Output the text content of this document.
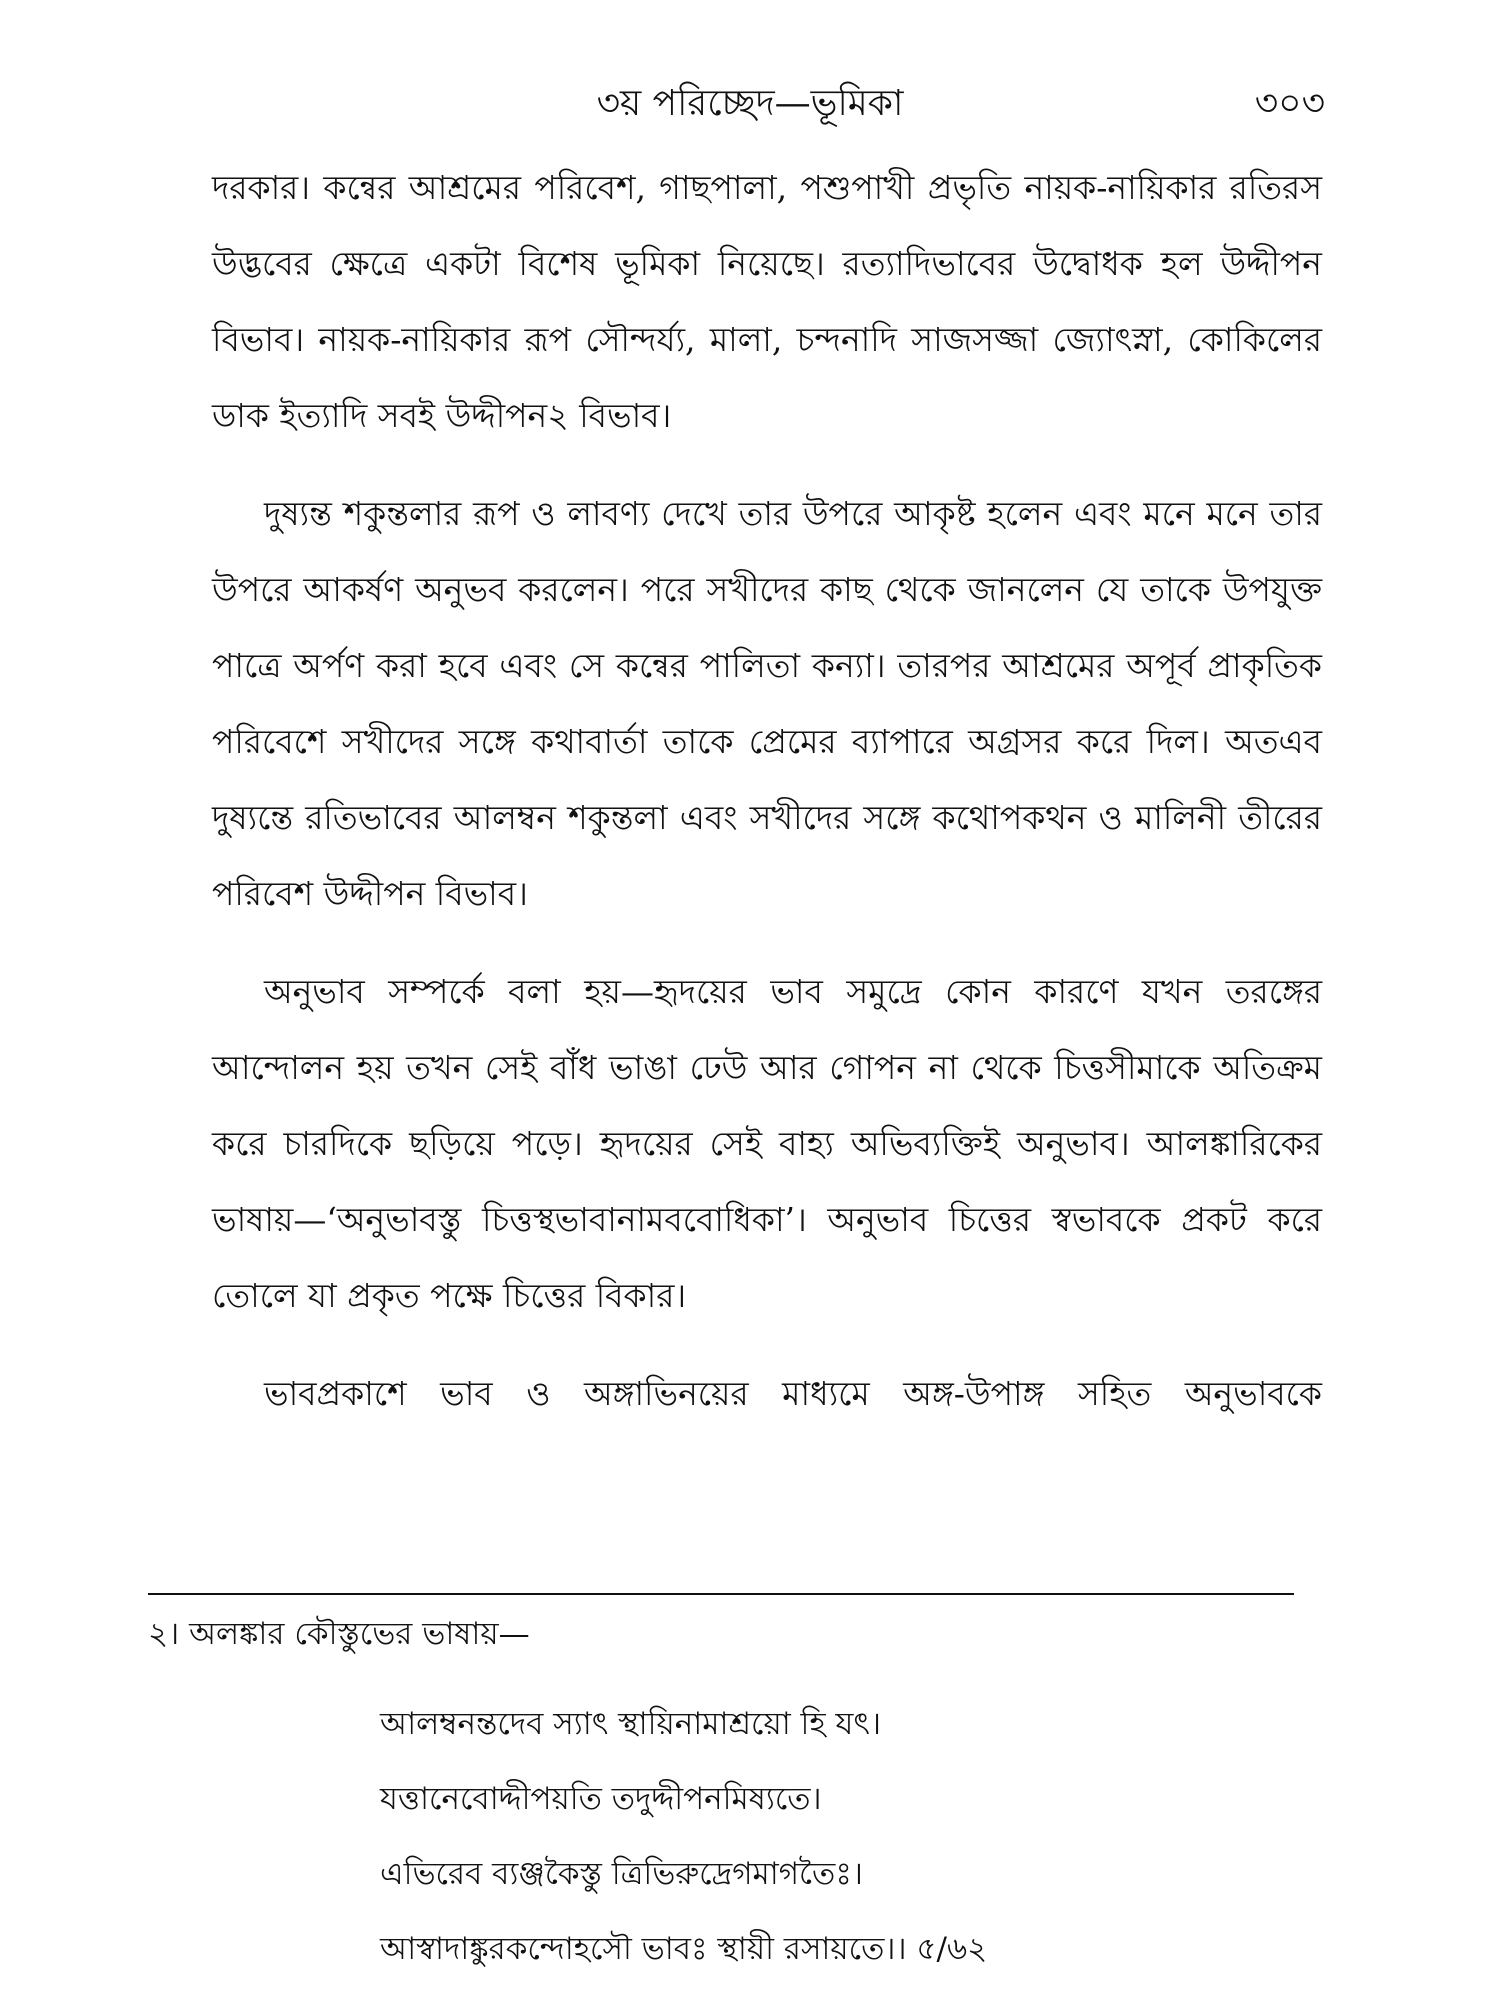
৩য় পরিচ্ছেদ—ভূমিকা	৩০৩

দরকার। কন্বের আশ্রমের পরিবেশ, গাছপালা, পশুপাখী প্রভৃতি নায়ক-নায়িকার রতিরস উদ্ভবের ক্ষেত্রে একটা বিশেষ ভূমিকা নিয়েছে। রত্যাদিভাবের উদ্বোধক হল উদ্দীপন বিভাব। নায়ক-নায়িকার রূপ সৌন্দর্য্য, মালা, চন্দনাদি সাজসজ্জা জ্যোৎস্না, কোকিলের ডাক ইত্যাদি সবই উদ্দীপন২ বিভাব।

দুষ্যন্ত শকুন্তলার রূপ ও লাবণ্য দেখে তার উপরে আকৃষ্ট হলেন এবং মনে মনে তার উপরে আকর্ষণ অনুভব করলেন। পরে সখীদের কাছ থেকে জানলেন যে তাকে উপযুক্ত পাত্রে অর্পণ করা হবে এবং সে কন্বের পালিতা কন্যা। তারপর আশ্রমের অপূর্ব প্রাকৃতিক পরিবেশে সখীদের সঙ্গে কথাবার্তা তাকে প্রেমের ব্যাপারে অগ্রসর করে দিল। অতএব দুষ্যন্তে রতিভাবের আলম্বন শকুন্তলা এবং সখীদের সঙ্গে কথোপকথন ও মালিনী তীরের পরিবেশ উদ্দীপন বিভাব।

অনুভাব সম্পর্কে বলা হয়—হৃদয়ের ভাব সমুদ্রে কোন কারণে যখন তরঙ্গের আন্দোলন হয় তখন সেই বাঁধ ভাঙা ঢেউ আর গোপন না থেকে চিত্তসীমাকে অতিক্রম করে চারদিকে ছড়িয়ে পড়ে। হৃদয়ের সেই বাহ্য অভিব্যক্তিই অনুভাব। আলঙ্কারিকের ভাষায়—‘অনুভাবস্তু চিত্তস্থভাবানামববোধিকা’। অনুভাব চিত্তের স্বভাবকে প্রকট করে তোলে যা প্রকৃত পক্ষে চিত্তের বিকার।

ভাবপ্রকাশে ভাব ও অঙ্গাভিনয়ের মাধ্যমে অঙ্গ-উপাঙ্গ সহিত অনুভাবকে

২। অলঙ্কার কৌস্তুভের ভাষায়—
আলম্বনন্তদেব স্যাৎ স্থায়িনামাশ্রয়ো হি যৎ।
যত্তানেবোদ্দীপয়তি তদুদ্দীপনমিষ্যতে।
এভিরেব ব্যঞ্জকৈস্তু ত্রিভিরুদ্রেগমাগতৈঃ।
আস্বাদাঙ্কুরকন্দোহসৌ ভাবঃ স্থায়ী রসায়তে।। ৫/৬২
